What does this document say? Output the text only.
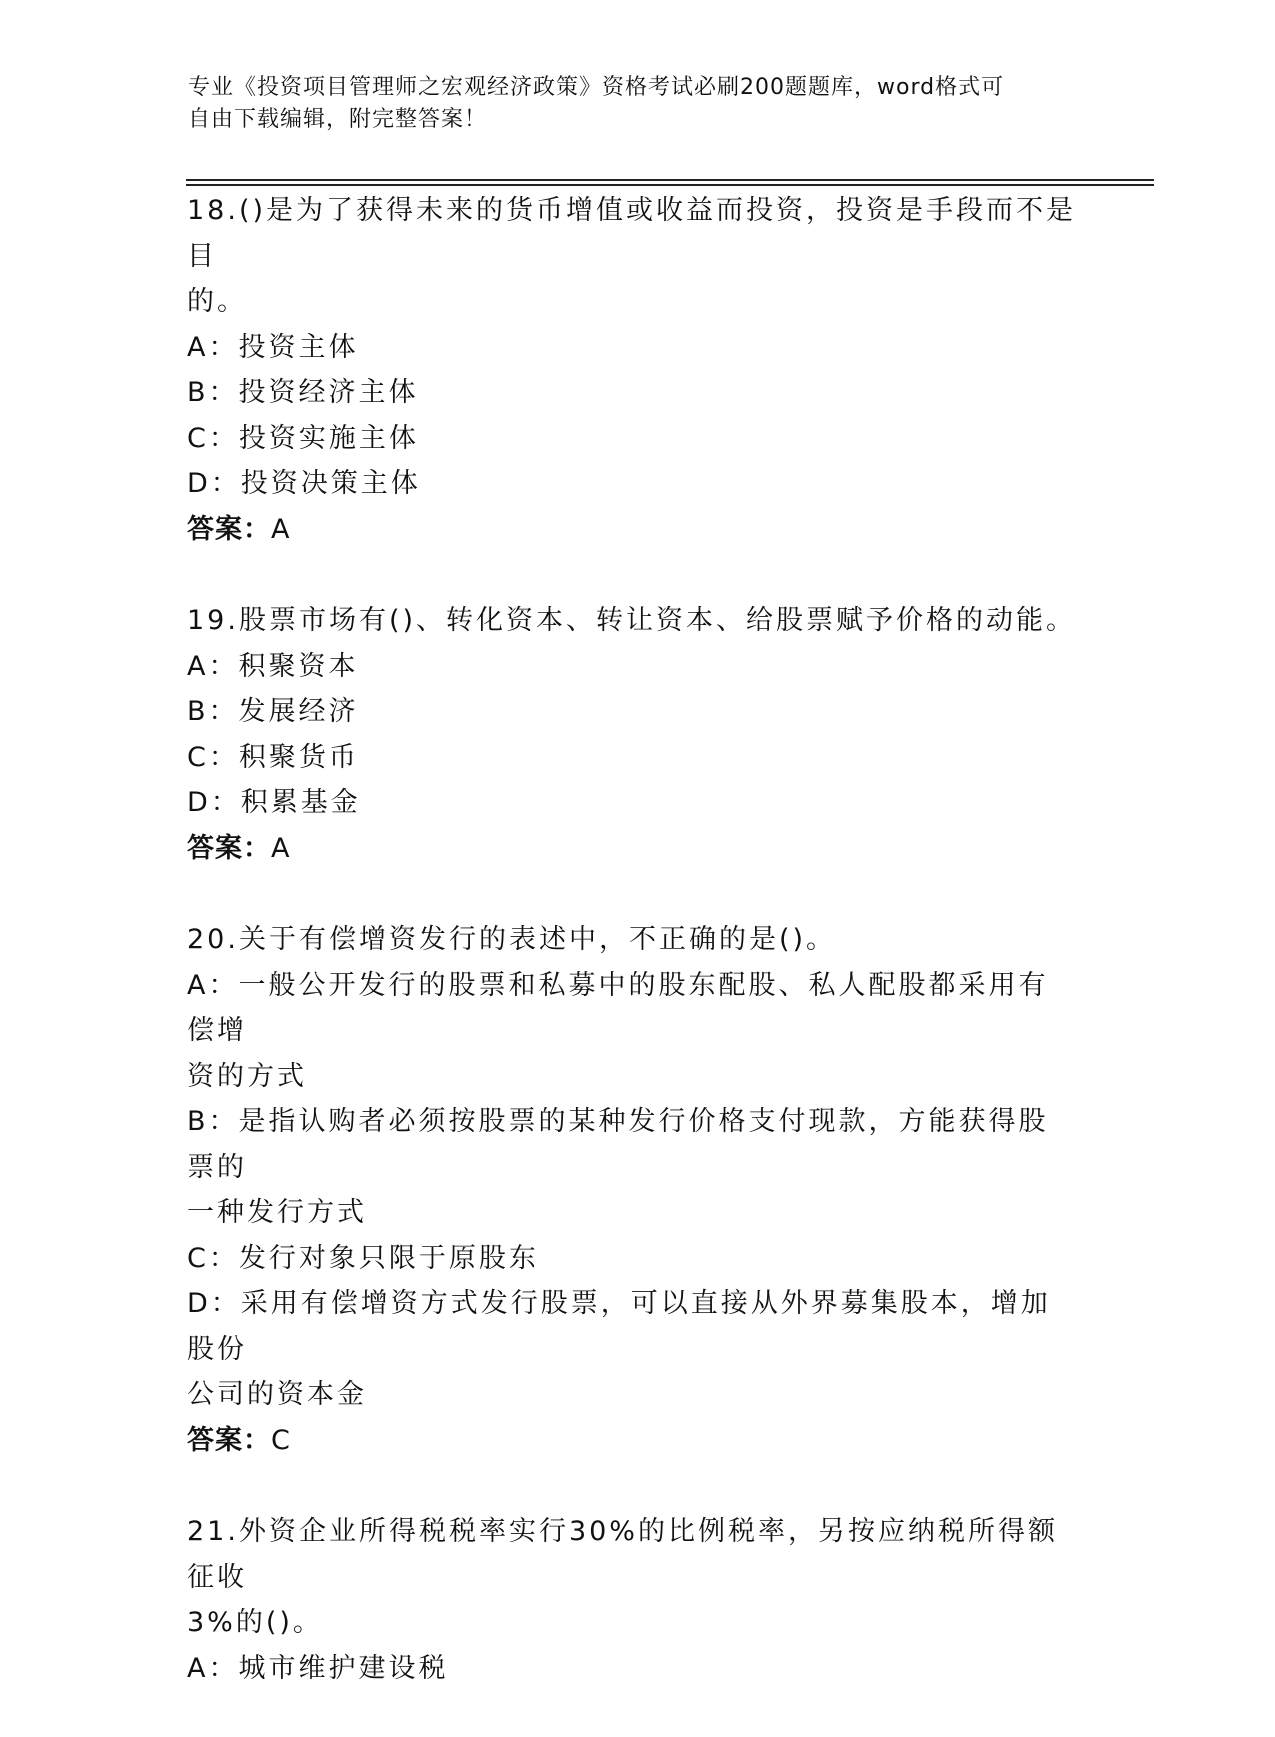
专业《投资项目管理师之宏观经济政策》资格考试必刷200题题库，word格式可
自由下载编辑，附完整答案！
18.()是为了获得未来的货币增值或收益而投资，投资是手段而不是目
的。
A：投资主体
B：投资经济主体
C：投资实施主体
D：投资决策主体
答案：A
19.股票市场有()、转化资本、转让资本、给股票赋予价格的动能。
A：积聚资本
B：发展经济
C：积聚货币
D：积累基金
答案：A
20.关于有偿增资发行的表述中，不正确的是()。
A：一般公开发行的股票和私募中的股东配股、私人配股都采用有偿增
资的方式
B：是指认购者必须按股票的某种发行价格支付现款，方能获得股票的
一种发行方式
C：发行对象只限于原股东
D：采用有偿增资方式发行股票，可以直接从外界募集股本，增加股份
公司的资本金
答案：C
21.外资企业所得税税率实行30%的比例税率，另按应纳税所得额征收
3%的()。
A：城市维护建设税
